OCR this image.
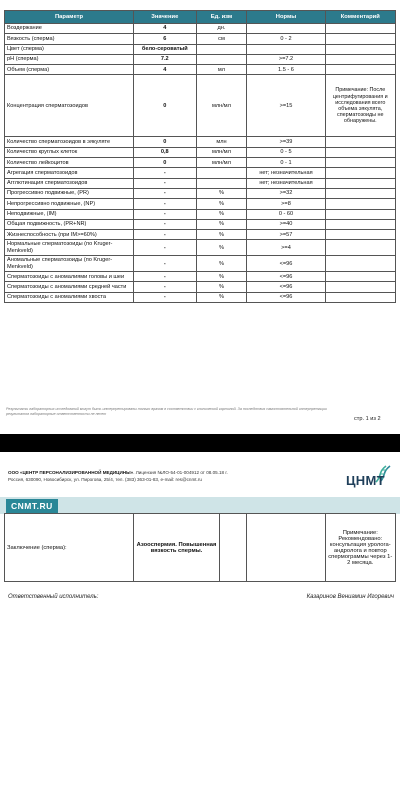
Параметр	Значение	Ед. изм	Нормы	Комментарий
Воздержание	4	дн.		
Вязкость (сперма)	6	см	0 - 2	
Цвет (сперма)	бело-сероватый			
pH (сперма)	7.2		>=7.2	
Объем (сперма)	4	мл	1.5 - 6	
Концентрация сперматозоидов	0	млн/мл	>=15	Примечание: После центрифугирования и исследования всего объема эякулята, сперматозоиды не обнаружены.
Количество сперматозоидов в эякуляте	0	млн	>=39	
Количество круглых клеток	0,8	млн/мл	0 - 5	
Количество лейкоцитов	0	млн/мл	0 - 1	
Агрегация сперматозоидов	-		нет; незначительная	
Агглютинация сперматозоидов	-		нет; незначительная	
Прогрессивно подвижные, (PR)	-	%	>=32	
Непрогрессивно подвижные, (NP)	-	%	>=8	
Неподвижные, (IM)	-	%	0 - 60	
Общая подвижность, (PR+NR)	-	%	>=40	
Жизнеспособность (при IM>=60%)	-	%	>=57	
Нормальные сперматозоиды (по Kruger-Menkveld)	-	%	>=4	
Аномальные сперматозоиды (по Kruger-Menkveld)	-	%	<=96	
Сперматозоиды с аномалиями головы и шеи	-	%	<=96	
Сперматозоиды с аномалиями средней части	-	%	<=96	
Сперматозоиды с аномалиями хвоста	-	%	<=96	
Результаты лабораторных исследований могут быть интерпретированы только врачом в соответствии с клинической картиной. За последствия самостоятельной интерпретации результатов лабораторные ответственности не несет
стр. 1 из 2
ООО «ЦЕНТР ПЕРСОНАЛИЗИРОВАННОЙ МЕДИЦИНЫ». Лицензия №ЛО-54-01-004912 от 08.05.18 г.
Россия, 630090, Новосибирск, ул. Пирогова, 25/4, тел. (383) 363-01-83, e-mail: res@cnmt.ru	ЦНМТ
CNMT.RU
Заключение (сперма):	Азооспермия. Повышенная вязкость спермы.			Примечание: Рекомендовано: консультация уролога-андролога и повтор спермограммы через 1-2 месяца.
Ответственный исполнитель:	Казаринов Вениамин Игоревич
